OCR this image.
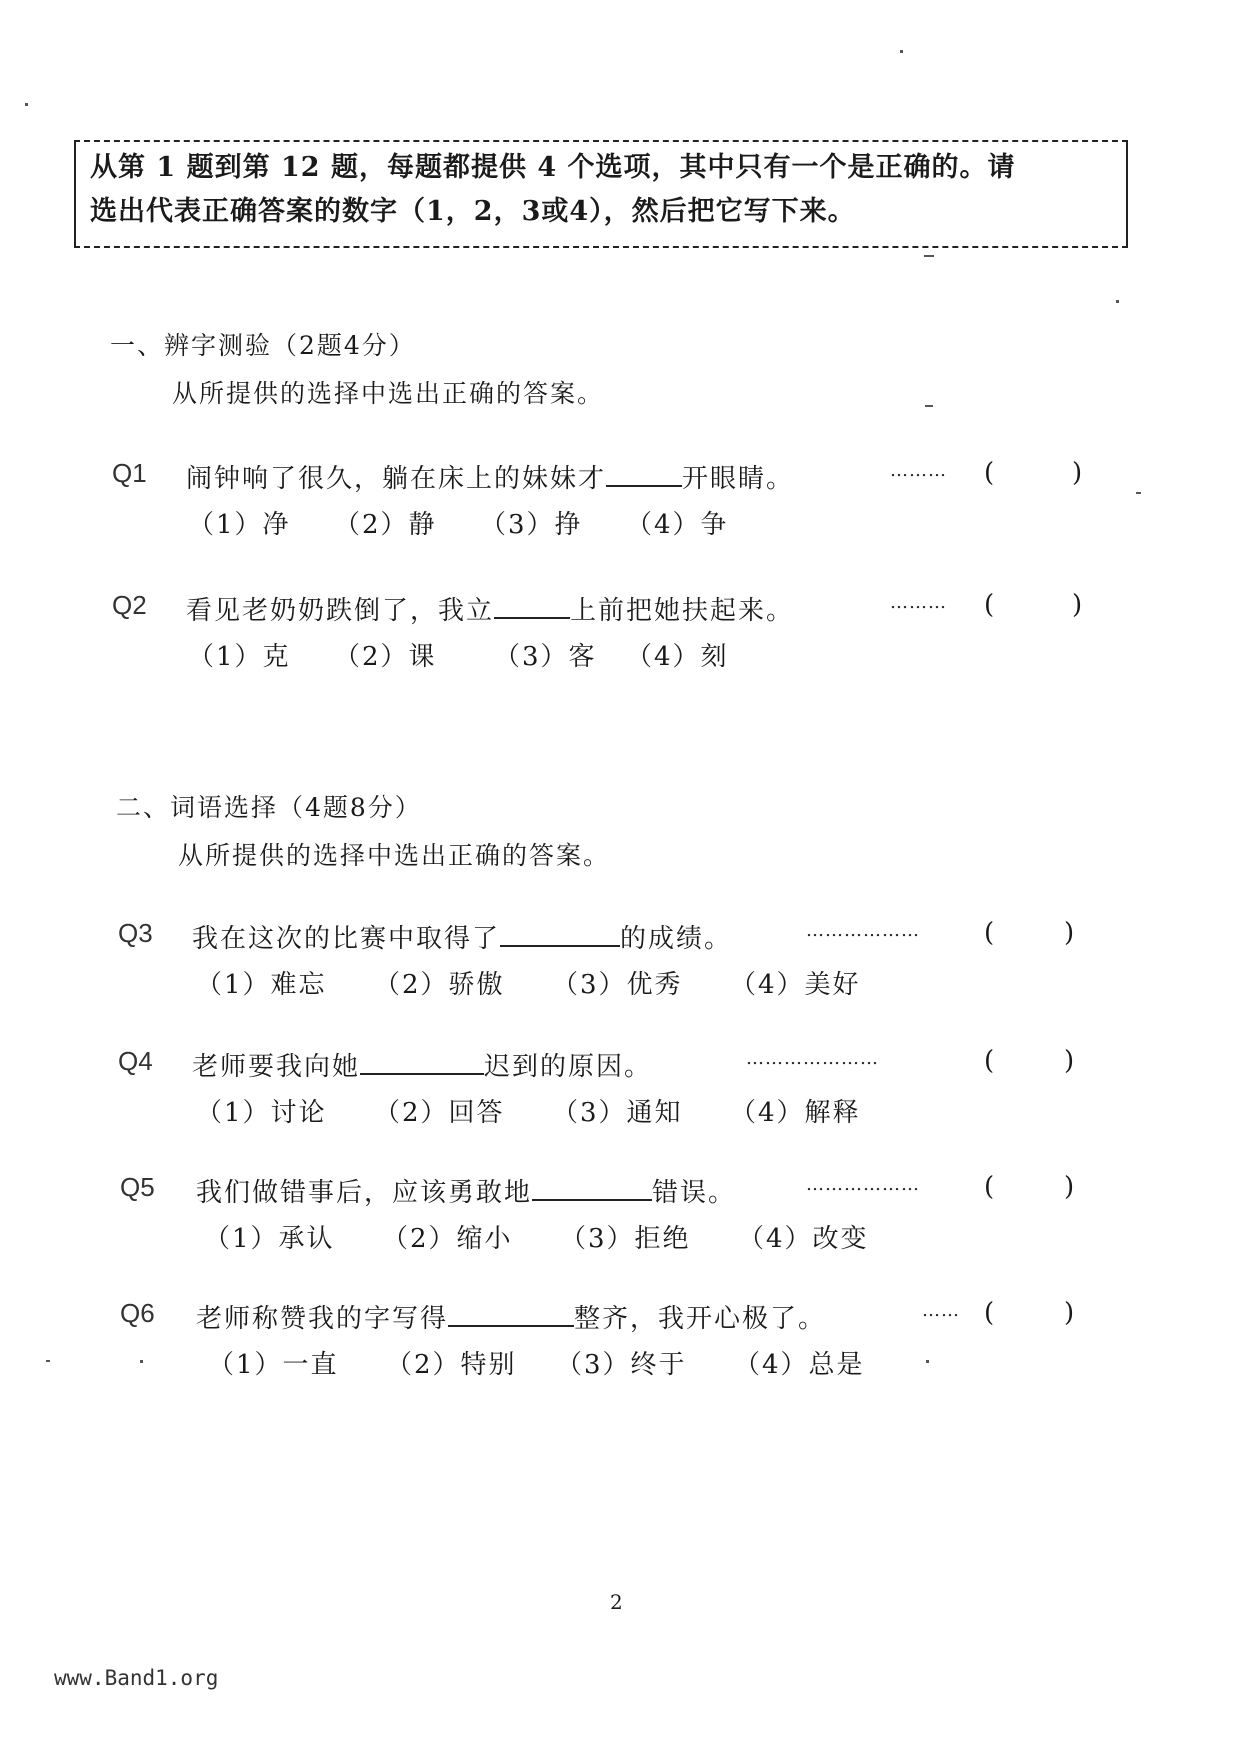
从第 1 题到第 12 题，每题都提供 4 个选项，其中只有一个是正确的。请
选出代表正确答案的数字（1，2，3或4），然后把它写下来。
一、辨字测验（2题4分）
从所提供的选择中选出正确的答案。
Q1 闹钟响了很久，躺在床上的妹妹才	开眼睛。	……… (	)
（1）净 （2）静 （3）挣 （4）争
Q2 看见老奶奶跌倒了，我立	上前把她扶起来。	……… (	)
（1）克 （2）课 （3）客 （4）刻
二、词语选择（4题8分）
从所提供的选择中选出正确的答案。
Q3 我在这次的比赛中取得了	的成绩。	……………… (	)
（1）难忘 （2）骄傲 （3）优秀 （4）美好
Q4 老师要我向她	迟到的原因。	…………………	(	)
（1）讨论 （2）回答 （3）通知 （4）解释
Q5 我们做错事后，应该勇敢地	错误。	……………… (	)
（1）承认 （2）缩小 （3）拒绝 （4）改变
Q6 老师称赞我的字写得	整齐，我开心极了。	…… (	)
（1）一直 （2）特别 （3）终于 （4）总是
2
www.Band1.org
